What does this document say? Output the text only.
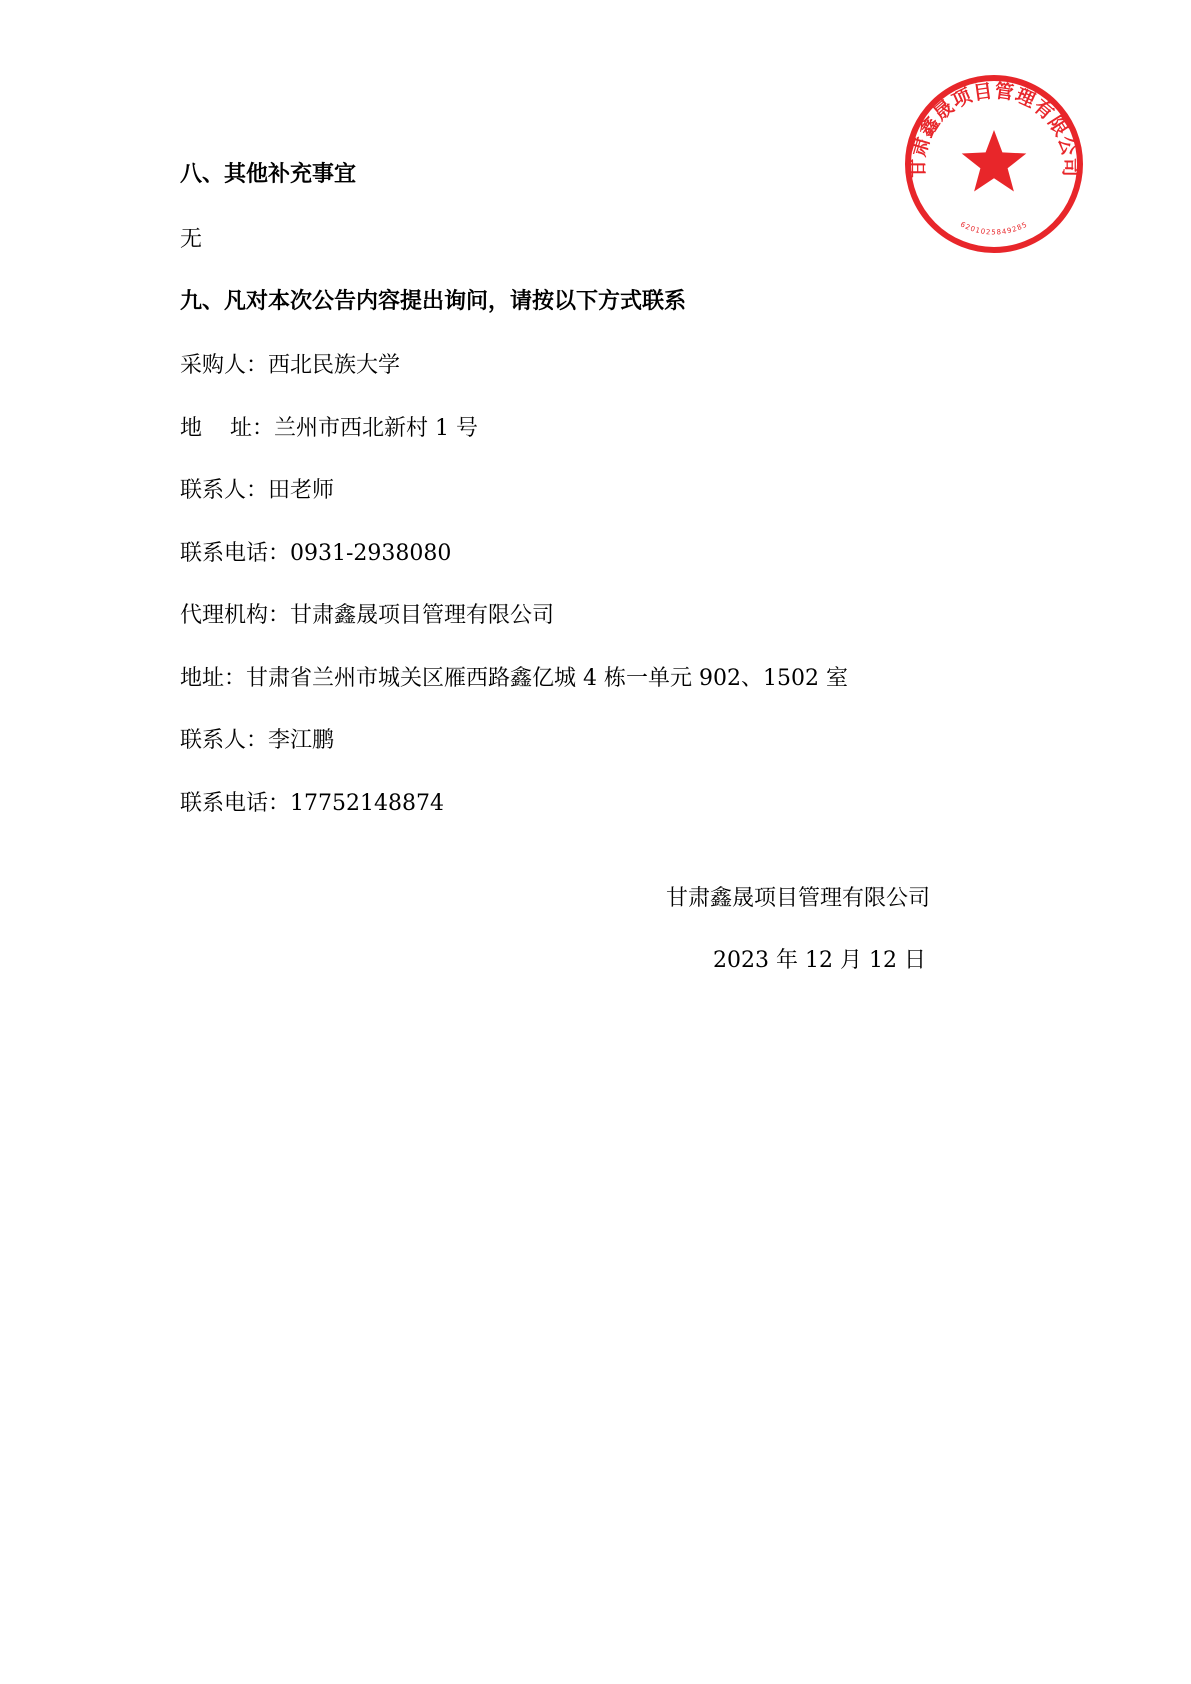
甘肃鑫晟项目管理有限公司
6201025849285
八、其他补充事宜
无
九、凡对本次公告内容提出询问，请按以下方式联系
采购人：西北民族大学
地    址：兰州市西北新村 1 号
联系人：田老师
联系电话：0931-2938080
代理机构：甘肃鑫晟项目管理有限公司
地址：甘肃省兰州市城关区雁西路鑫亿城 4 栋一单元 902、1502 室
联系人：李江鹏
联系电话：17752148874
甘肃鑫晟项目管理有限公司
2023 年 12 月 12 日
